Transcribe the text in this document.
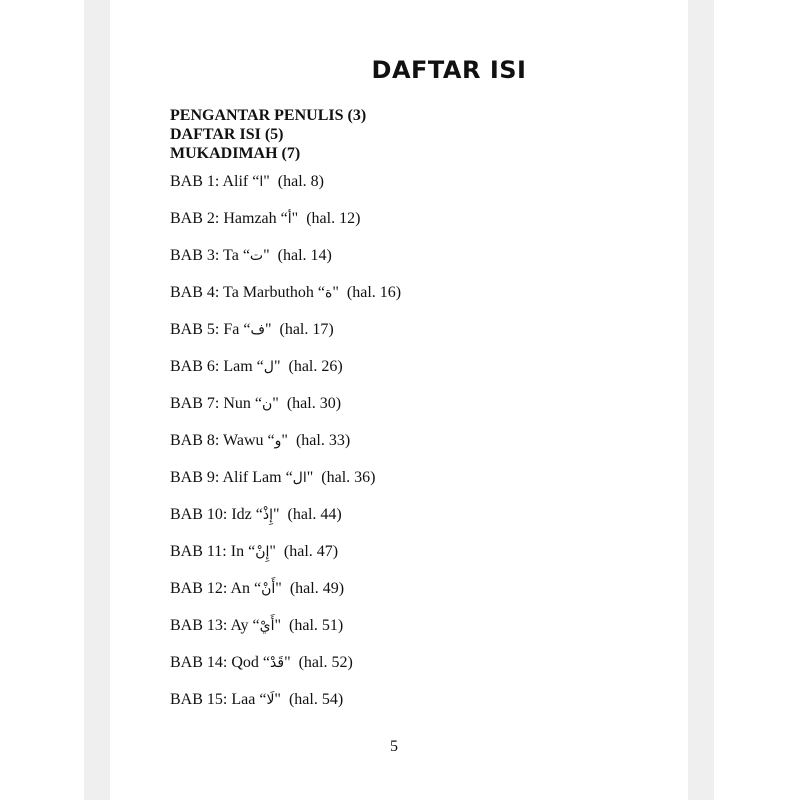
DAFTAR ISI
PENGANTAR PENULIS (3)
DAFTAR ISI (5)
MUKADIMAH (7)
BAB 1: Alif “ا"  (hal. 8)
BAB 2: Hamzah “أ"  (hal. 12)
BAB 3: Ta “ت"  (hal. 14)
BAB 4: Ta Marbuthoh “ة"  (hal. 16)
BAB 5: Fa “ف"  (hal. 17)
BAB 6: Lam “ل"  (hal. 26)
BAB 7: Nun “ن"  (hal. 30)
BAB 8: Wawu “و"  (hal. 33)
BAB 9: Alif Lam “ال"  (hal. 36)
BAB 10: Idz “إِذْ"  (hal. 44)
BAB 11: In “إِنْ"  (hal. 47)
BAB 12: An “أَنْ"  (hal. 49)
BAB 13: Ay “أَيْ"  (hal. 51)
BAB 14: Qod “قَدْ"  (hal. 52)
BAB 15: Laa “لَا"  (hal. 54)
5
